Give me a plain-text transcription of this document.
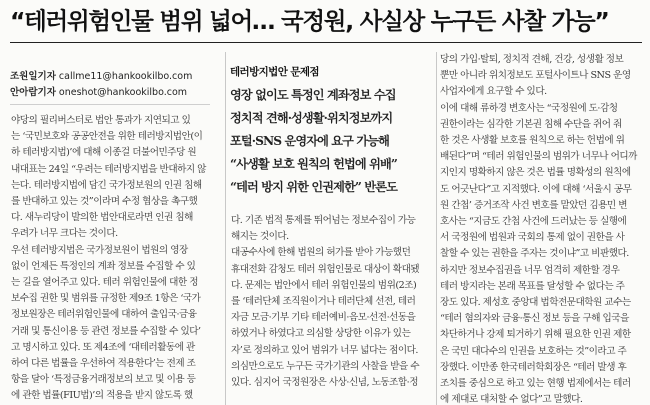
“테러위험인물 범위 넓어… 국정원, 사실상 누구든 사찰 가능”
조원일기자 callme11@hankookilbo.com
안아람기자 oneshot@hankookilbo.com

야당의 필리버스터로 법안 통과가 지연되고 있

는 ‘국민보호와 공공안전을 위한 테러방지법안(이

하 테러방지법)’에 대해 이종걸 더불어민주당 원

내대표는 24일 “우려는 테러방지법을 반대하지 않

는다. 테러방지법에 담긴 국가정보원의 인권 침해

를 반대하고 있는 것”이라며 수정 협상을 촉구했

다. 새누리당이 발의한 법안대로라면 인권 침해

우려가 너무 크다는 것이다.

우선 테러방지법은 국가정보원이 법원의 영장

없이 언제든 특정인의 계좌 정보를 수집할 수 있

는 길을 열어주고 있다. 테러 위험인물에 대한 정

보수집 권한 및 범위를 규정한 제9조 1항은 ‘국가

정보원장은 테러위험인물에 대하여 출입국·금융

거래 및 통신이용 등 관련 정보를 수집할 수 있다’

고 명시하고 있다. 또 제4조에 ‘대테러활동에 관

하여 다른 법률을 우선하여 적용한다’는 전제 조

항을 달아 ‘특정금융거래정보의 보고 및 이용 등

에 관한 법률(FIU법)’의 적용을 받지 않도록 했

테러방지법안 문제점

영장 없이도 특정인 계좌정보 수집

정치적 견해·성생활·위치정보까지

포털·SNS 운영자에 요구 가능해

“사생활 보호 원칙의 헌법에 위배”

“테러 방지 위한 인권제한” 반론도

다. 기존 법적 통제를 뛰어넘는 정보수집이 가능

해지는 것이다.

대공수사에 한해 법원의 허가를 받아 가능했던

휴대전화 감청도 테러 위험인물로 대상이 확대됐

다. 문제는 법안에서 테러 위험인물의 범위(2조)

를 ‘테러단체 조직원이거나 테러단체 선전, 테러

자금 모금·기부 기타 테러예비·음모·선전·선동을

하였거나 하였다고 의심할 상당한 이유가 있는

자’로 정의하고 있어 범위가 너무 넓다는 점이다.

의심만으로도 누구든 국가기관의 사찰을 받을 수

있다. 심지어 국정원장은 사상·신념, 노동조합·정

당의 가입·탈퇴, 정치적 견해, 건강, 성생활 정보

뿐만 아니라 위치정보도 포털사이트나 SNS 운영

사업자에게 요구할 수 있다.

이에 대해 류하경 변호사는 “국정원에 도·감청

권한이라는 심각한 기본권 침해 수단을 쥐어 줘

한 것은 사생활 보호를 원칙으로 하는 헌법에 위

배된다”며 “테러 위험인물의 범위가 너무나 어디까

지인지 명확하지 않은 것은 법률 명확성의 원칙에

도 어긋난다”고 지적했다. 이에 대해 ‘서울시 공무

원 간첩’ 증거조작 사건 변호를 맡았던 김용민 변

호사는 “지금도 간첩 사건에 드러났는 등 실행에

서 국정원에 법원과 국회의 통제 없이 권한을 사

찰할 수 있는 권한을 주자는 것이냐”고 비판했다.

하지만 정보수집권을 너무 엄격히 제한할 경우

테러 방지라는 본래 목표를 달성할 수 없다는 주

장도 있다. 제성호 중앙대 법학전문대학원 교수는

“테러 혐의자와 금융·통신 정보 등을 구해 입국을

차단하거나 강제 퇴거하기 위해 필요한 인권 제한

은 국민 대다수의 인권을 보호하는 것”이라고 주

장했다. 이만종 한국테러학회장은 “테러 발생 후

조치를 중심으로 하고 있는 현행 법제에서는 테러

에 제대로 대처할 수 없다”고 말했다.
